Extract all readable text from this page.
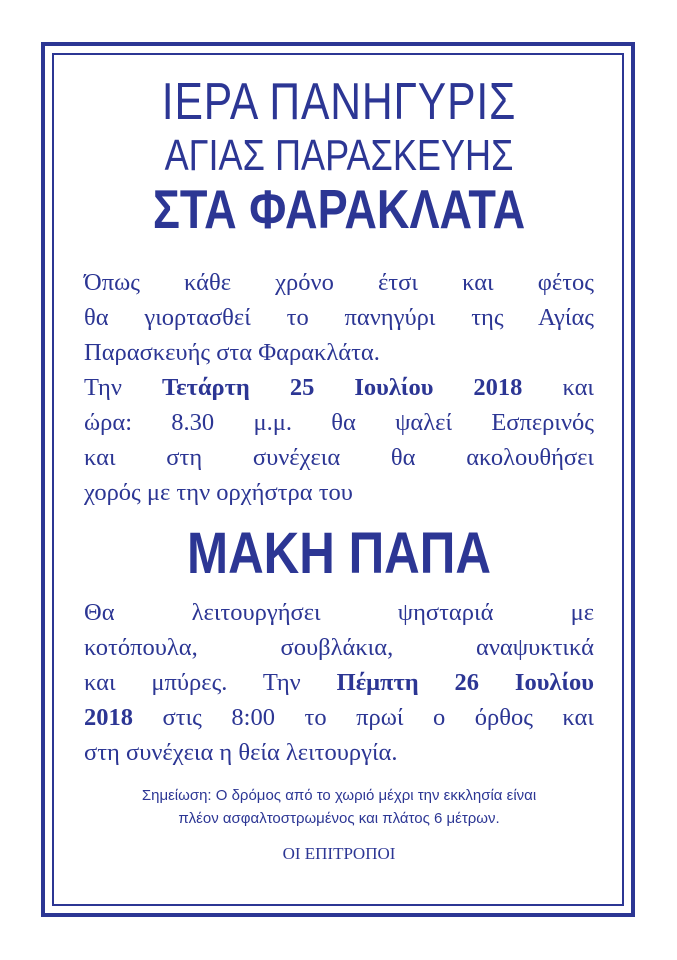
ΙΕΡΑ ΠΑΝΗΓΥΡΙΣ
ΑΓΙΑΣ ΠΑΡΑΣΚΕΥΗΣ
ΣΤΑ ΦΑΡΑΚΛΑΤΑ
Όπως κάθε χρόνο έτσι και φέτος
θα γιορτασθεί το πανηγύρι της Αγίας
Παρασκευής στα Φαρακλάτα.
Την Τετάρτη 25 Ιουλίου 2018 και
ώρα: 8.30 μ.μ. θα ψαλεί Εσπερινός
και στη συνέχεια θα ακολουθήσει
χορός με την ορχήστρα του
ΜΑΚΗ ΠΑΠΑ
Θα λειτουργήσει ψησταριά με
κοτόπουλα, σουβλάκια, αναψυκτικά
και μπύρες. Την Πέμπτη 26 Ιουλίου
2018 στις 8:00 το πρωί ο όρθος και
στη συνέχεια η θεία λειτουργία.
Σημείωση: Ο δρόμος από το χωριό μέχρι την εκκλησία είναι
πλέον ασφαλτοστρωμένος και πλάτος 6 μέτρων.
ΟΙ ΕΠΙΤΡΟΠΟΙ
